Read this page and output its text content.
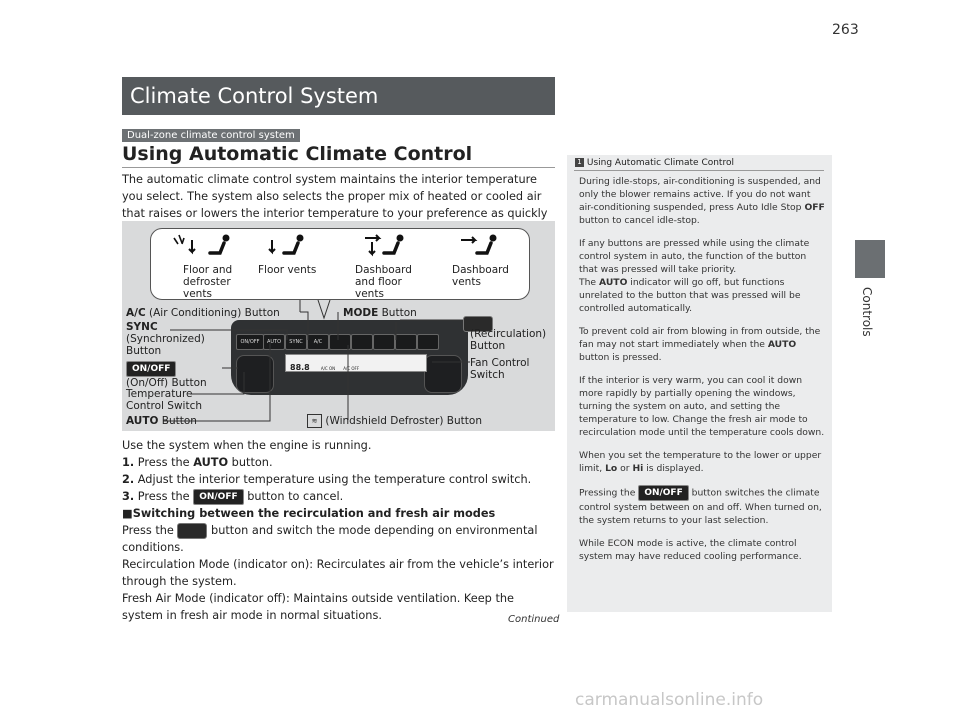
263
Controls
Climate Control System
Dual-zone climate control system
Using Automatic Climate Control

The automatic climate control system maintains the interior temperature you select. The system also selects the proper mix of heated or cooled air that raises or lowers the interior temperature to your preference as quickly

Floor and defroster vents
Floor vents	Dashboard and floor vents
Dashboard vents
ON/OFF	AUTO	SYNC	A/C
88.8	A/C ON A/C OFF
A/C (Air Conditioning) Button	MODE Button
SYNC
(Synchronized) Button
(Recirculation) Button
ON/OFF (On/Off) Button
Fan Control Switch
Temperature Control Switch
AUTO Button	≋ (Windshield Defroster) Button

Use the system when the engine is running.

1. Press the AUTO button.

2. Adjust the interior temperature using the temperature control switch.

3. Press the ON/OFF button to cancel.

■Switching between the recirculation and fresh air modes

Press the	button and switch the mode depending on environmental conditions.

Recirculation Mode (indicator on): Recirculates air from the vehicle’s interior through the system.

Fresh Air Mode (indicator off): Maintains outside ventilation. Keep the system in fresh air mode in normal situations.

1 Using Automatic Climate Control

During idle-stops, air-conditioning is suspended, and only the blower remains active. If you do not want air-conditioning suspended, press Auto Idle Stop OFF button to cancel idle-stop.

If any buttons are pressed while using the climate control system in auto, the function of the button that was pressed will take priority.

The AUTO indicator will go off, but functions unrelated to the button that was pressed will be controlled automatically.

To prevent cold air from blowing in from outside, the fan may not start immediately when the AUTO button is pressed.

If the interior is very warm, you can cool it down more rapidly by partially opening the windows, turning the system on auto, and setting the temperature to low. Change the fresh air mode to recirculation mode until the temperature cools down.

When you set the temperature to the lower or upper limit, Lo or Hi is displayed.

Pressing the ON/OFF button switches the climate control system between on and off. When turned on, the system returns to your last selection.

While ECON mode is active, the climate control system may have reduced cooling performance.

Continued
carmanualsonline.info
